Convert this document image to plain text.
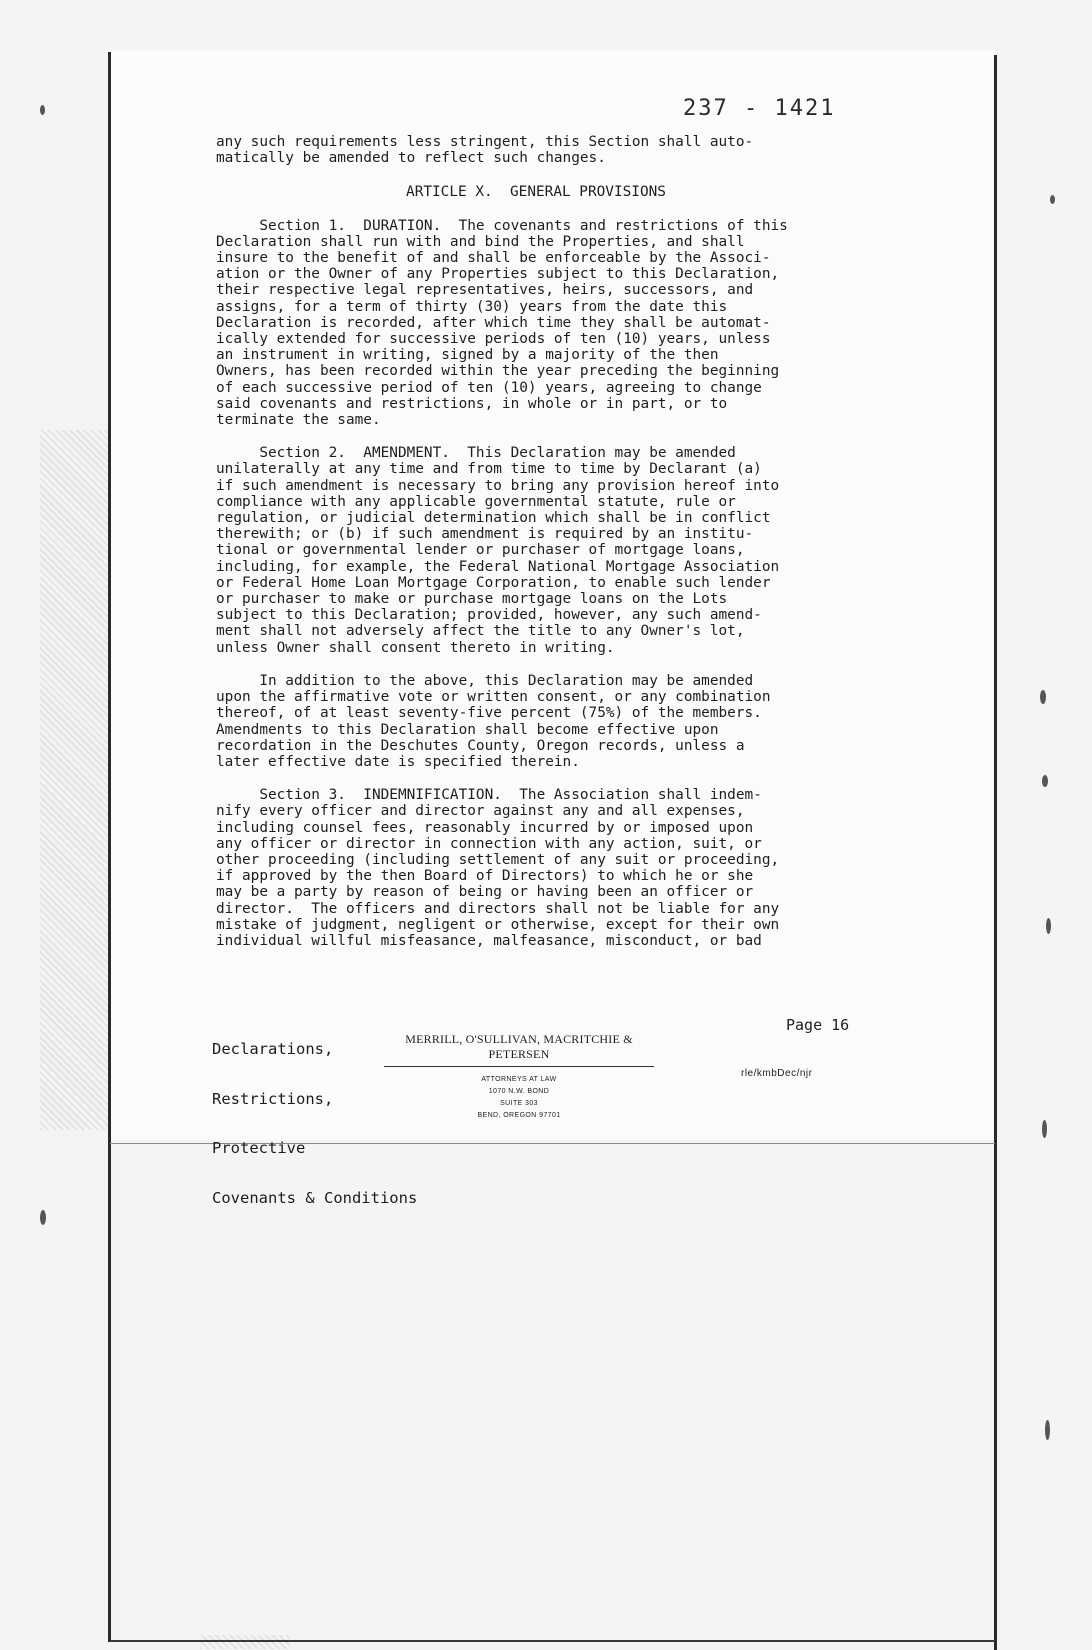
237 - 1421

any such requirements less stringent, this Section shall auto-

matically be amended to reflect such changes.

ARTICLE X.  GENERAL PROVISIONS

Section 1.  DURATION.  The covenants and restrictions of this

Declaration shall run with and bind the Properties, and shall

insure to the benefit of and shall be enforceable by the Associ-

ation or the Owner of any Properties subject to this Declaration,

their respective legal representatives, heirs, successors, and

assigns, for a term of thirty (30) years from the date this

Declaration is recorded, after which time they shall be automat-

ically extended for successive periods of ten (10) years, unless

an instrument in writing, signed by a majority of the then

Owners, has been recorded within the year preceding the beginning

of each successive period of ten (10) years, agreeing to change

said covenants and restrictions, in whole or in part, or to

terminate the same.

Section 2.  AMENDMENT.  This Declaration may be amended

unilaterally at any time and from time to time by Declarant (a)

if such amendment is necessary to bring any provision hereof into

compliance with any applicable governmental statute, rule or

regulation, or judicial determination which shall be in conflict

therewith; or (b) if such amendment is required by an institu-

tional or governmental lender or purchaser of mortgage loans,

including, for example, the Federal National Mortgage Association

or Federal Home Loan Mortgage Corporation, to enable such lender

or purchaser to make or purchase mortgage loans on the Lots

subject to this Declaration; provided, however, any such amend-

ment shall not adversely affect the title to any Owner's lot,

unless Owner shall consent thereto in writing.

In addition to the above, this Declaration may be amended

upon the affirmative vote or written consent, or any combination

thereof, of at least seventy-five percent (75%) of the members.

Amendments to this Declaration shall become effective upon

recordation in the Deschutes County, Oregon records, unless a

later effective date is specified therein.

Section 3.  INDEMNIFICATION.  The Association shall indem-

nify every officer and director against any and all expenses,

including counsel fees, reasonably incurred by or imposed upon

any officer or director in connection with any action, suit, or

other proceeding (including settlement of any suit or proceeding,

if approved by the then Board of Directors) to which he or she

may be a party by reason of being or having been an officer or

director.  The officers and directors shall not be liable for any

mistake of judgment, negligent or otherwise, except for their own

individual willful misfeasance, malfeasance, misconduct, or bad

Declarations,

Restrictions,

Protective

Covenants & Conditions

MERRILL, O'SULLIVAN, MACRITCHIE & PETERSEN
ATTORNEYS AT LAW
1070 N.W. BOND
SUITE 303
BEND, OREGON 97701
Page 16
rle/kmbDec/njr
